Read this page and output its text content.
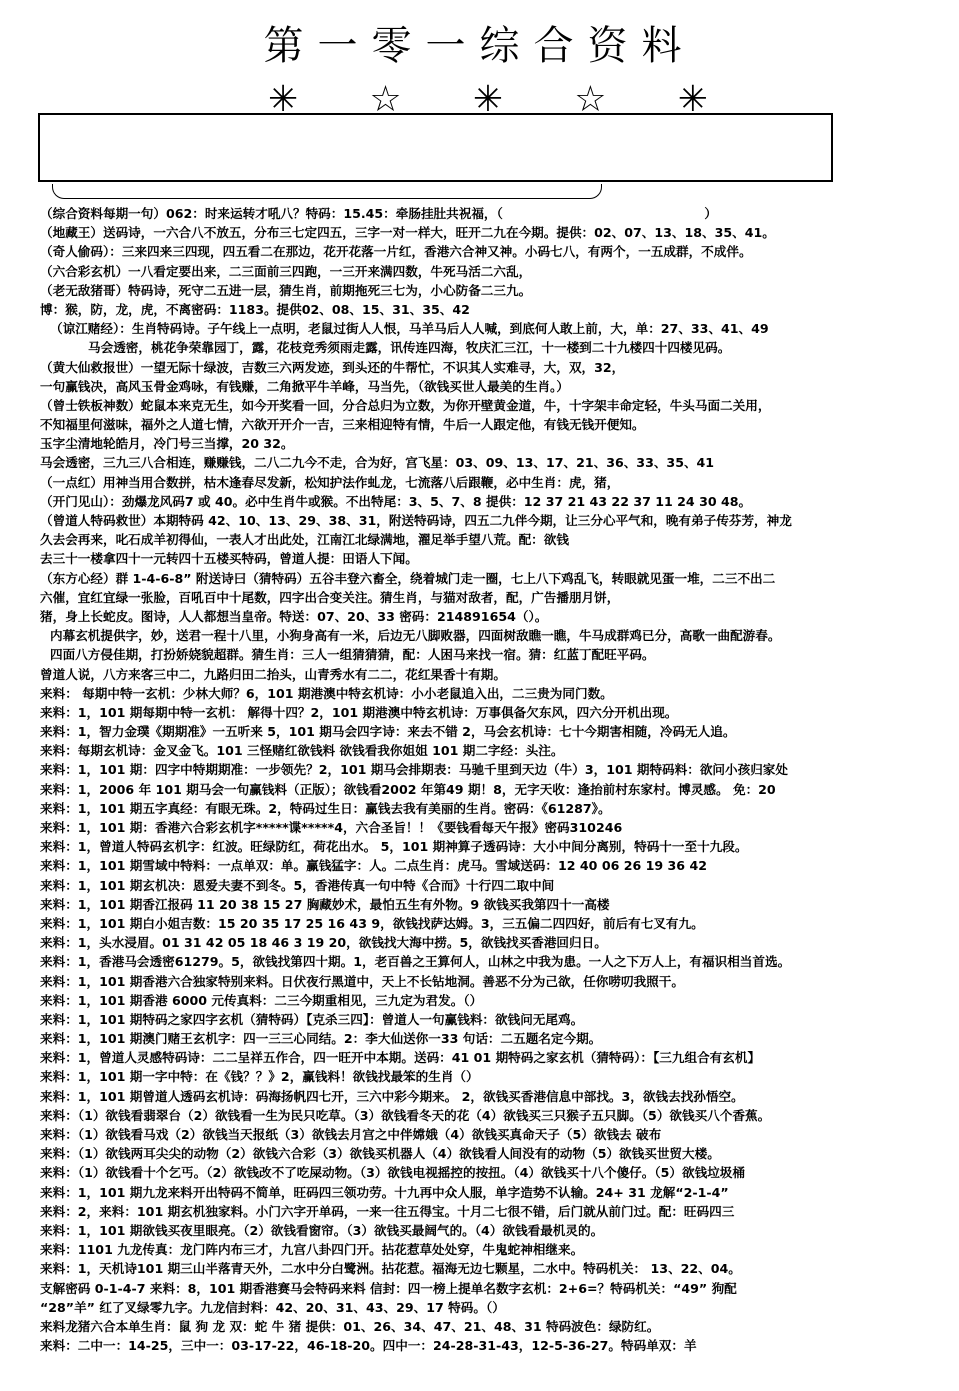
第一零一综合资料
✳ ☆ ✳ ☆ ✳
（综合资料每期一句）062：时来运转才吼八？特码：15.45：牵肠挂肚共祝福，（　　　　　　　　　　　　　　　　）
（地藏王）送码诗，一六合八不放五，分布三七定四五，三字一对一样大，旺开二九在今期。提供：02、07、13、18、35、41。
（奇人偷码）：三来四来三四现，四五看二在那边，花开花落一片红，香港六合神又神。小码七八，有两个，一五成群，不成伴。
（六合彩玄机）一八看定要出来，二三面前三四跑，一三开来满四数，牛死马活二六乱，
（老无敌猪哥）特码诗，死守二五进一层，猜生肖，前期拖死三七为，小心防备二三九。
博：猴，防，龙，虎，不离密码：1183。提供02、08、15、31、35、42
（谅江赌经）：生肖特码诗。子午线上一点明，老鼠过街人人恨，马羊马后人人喊，到底何人敢上前，大，单：27、33、41、49
马会透密，桃花争荣靠园丁，露，花枝竞秀须雨走露，讯传连四海，牧庆汇三江，十一楼到二十九楼四十四楼见码。
（黄大仙救报世）一望无际十绿波，吉数三六两发迹，到头还的牛帮忙，不识其人实难寻，大，双，32，
一句赢钱决，高风玉骨金鸡咏，有钱赚，二角掀平牛羊峰，马当先，（欲钱买世人最美的生肖。）
（曾士铁板神数）蛇鼠本来克无生，如今开奖看一回，分合总归为立数，为你开壁黄金道，牛，十字架丰命定轻，牛头马面二关用，
不知福里何滋味，福外之人道七情，六欲开开介一吉，三来相迎特有情，牛后一人跟定他，有钱无钱开便知。
玉字尘清地轮皓月，冷门号三当撑，20 32。
马会透密，三九三八合相连，赚赚钱，二八二九今不走，合为好，宫飞星：03、09、13、17、21、36、33、35、41
（一点红）用神当用合数拼，枯木逢春尽发新，松知护法作虬龙，七流落八后跟鞭，必中生肖：虎，猪，
（开门见山）：劲爆龙风码7 或 40。必中生肖牛或猴。不出特尾：3、5、7、8 提供：12 37 21 43 22 37 11 24 30 48。
（曾道人特码救世）本期特码 42、10、13、29、38、31，附送特码诗，四五二九伴今期，让三分心平气和，晚有弟子传芬芳，神龙
久去会再来，叱石成羊初得仙，一表人才出此处，江南江北绿满地，濯足举手望八荒。配：欲钱
去三十一楼拿四十一元转四十五楼买特码，曾道人提：田语人下闻。
（东方心经）群 1-4-6-8” 附送诗曰（猜特码）五谷丰登六畜全，绕着城门走一圈，七上八下鸡乱飞，转眼就见蛋一堆，二三不出二
六催，宜红宜绿一张脸，百吼百中十尾数，四字出合变关注。猜生肖，与猫对敌者，配，广告播朋月饼，
猪，身上长蛇皮。图诗，人人都想当皇帝。特送：07、20、33 密码：214891654（）。
内幕玄机提供字，妙，送君一程十八里，小狗身高有一米，后边无八脚败器，四面树敌瞧一瞧，牛马成群鸡已分，高歌一曲配游春。
四面八方侵佳期，打扮娇娆貌超群。猜生肖：三人一组猜猜猜，配：人困马来找一宿。猜：红蓝丁配旺平码。
曾道人说，八方来客三中二，九路归田二抬头，山青秀水有二二，花红果香十有期。
来料： 每期中特一玄机：少林大师？6，101 期港澳中特玄机诗：小小老鼠追入出，二三贵为同门数。
来料：1，101 期每期中特一玄机： 解得十四？2，101 期港澳中特玄机诗：万事俱备欠东风，四六分开机出现。
来料：1，智力金璞《期期准》一五听来 5，101 期马会四字诗：来去不错 2，马会玄机诗：七十今期害相随，冷码无人追。
来料：每期玄机诗：金叉金飞。101 三怪赌红欲钱料 欲钱看我你姐姐 101 期二字经：头注。
来料：1，101 期：四字中特期期准：一步领先？2，101 期马会排期表：马驰千里到天边（牛）3，101 期特码料：欲问小孩归家处
来料：1，2006 年 101 期马会一句赢钱料（正版）；欲钱看2002 年第49 期！8，无字天收：逢抬前村东家村。博灵感。 免：20
来料：1，101 期五字真经：有眼无珠。2，特码过生日：赢钱去我有美丽的生肖。密码：《61287》。
来料：1，101 期：香港六合彩玄机字*****谍*****4，六合圣旨！！《要钱看每天午报》密码310246
来料：1，曾道人特码玄机字：红波。旺绿防红，荷花出水。 5，101 期神算子透码诗：大小中间分离别，特码十一至十九段。
来料：1，101 期雪域中特料：一点单双：单。赢钱猛字：人。二点生肖：虎马。雪域送码：12 40 06 26 19 36 42
来料：1，101 期玄机决：恩爱夫妻不到冬。5，香港传真一句中特《合而》十行四二取中间
来料：1，101 期香江报码 11 20 38 15 27 胸藏妙术，最怕五生有外物。9 欲钱买我第四十一高楼
来料：1，101 期白小姐吉数：15 20 35 17 25 16 43 9，欲钱找萨达姆。3，三五偏二四四好，前后有七叉有九。
来料：1，头水浸眉。01 31 42 05 18 46 3 19 20，欲钱找大海中捞。5，欲钱找买香港回归日。
来料：1，香港马会透密61279。5，欲钱找第四十期。1，老百兽之王算何人，山林之中我为患。一人之下万人上，有福识相当首选。
来料：1，101 期香港六合独家特别来料。日伏夜行黑道中，天上不长钻地洞。善恶不分为己欲，任你唠叨我照干。
来料：1，101 期香港 6000 元传真料：二三今期重相见，三九定为君发。（）
来料：1，101 期特码之家四字玄机（猜特码）【克杀三四】：曾道人一句赢钱料：欲钱问无尾鸡。
来料：1，101 期澳门赌王玄机字：四一三三心同结。2：李大仙送你一33 句话：二五题名定今期。
来料：1，曾道人灵感特码诗：二二呈祥五作合，四一旺开中本期。送码：41 01 期特码之家玄机（猜特码）：【三九组合有玄机】
来料：1，101 期一字中特：在《钱？？》2，赢钱料！欲钱找最笨的生肖（）
来料：1，101 期曾道人透码玄机诗：码海扬帆四七开，三六中彩今期来。 2，欲钱买香港信息中部找。3，欲钱去找孙悟空。
来料：（1）欲钱看翡翠台（2）欲钱看一生为民只吃草。（3）欲钱看冬天的花（4）欲钱买三只猴子五只脚。（5）欲钱买八个香蕉。
来料：（1）欲钱看马戏（2）欲钱当天报纸（3）欲钱去月宫之中伴嫦娥（4）欲钱买真命天子（5）欲钱去 破布
来料：（1）欲钱两耳尖尖的动物（2）欲钱六合彩（3）欲钱买机器人（4）欲钱看人间没有的动物（5）欲钱买世贸大楼。
来料：（1）欲钱看十个乞丐。（2）欲钱改不了吃屎动物。（3）欲钱电视摇控的按扭。（4）欲钱买十八个傻仔。（5）欲钱垃圾桶
来料：1，101 期九龙来料开出特码不简单，旺码四三领功劳。十九再中众人服，单字造势不认输。24+ 31 龙解“2-1-4”
来料：2，来料：101 期玄机独家料。小门六字开单码，一来一往五得宝。十月二七很不错，后门就从前门过。配：旺码四三
来料：1，101 期欲钱买夜里眼亮。（2）欲钱看窗帘。（3）欲钱买最阔气的。（4）欲钱看最机灵的。
来料：1101 九龙传真：龙门阵内布三才，九宫八卦四门开。拈花惹草处处穿，牛鬼蛇神相继来。
来料：1，天机诗101 期三山半落青天外，二水中分白鹭洲。拈花惹。福海无边七颗星，二水中。特码机关： 13、22、04。
支解密码 0-1-4-7 来料：8，101 期香港赛马会特码来料 信封：四一榜上提单名数字玄机：2+6=？特码机关：“49” 狗配
“28”羊” 红了叉绿零九字。九龙信封料：42、20、31、43、29、17 特码。（）
来料龙猪六合本单生肖：鼠 狗 龙 双：蛇 牛 猪 提供：01、26、34、47、21、48、31 特码波色：绿防红。
来料：二中一：14-25，三中一：03-17-22，46-18-20。四中一：24-28-31-43，12-5-36-27。特码单双：羊
